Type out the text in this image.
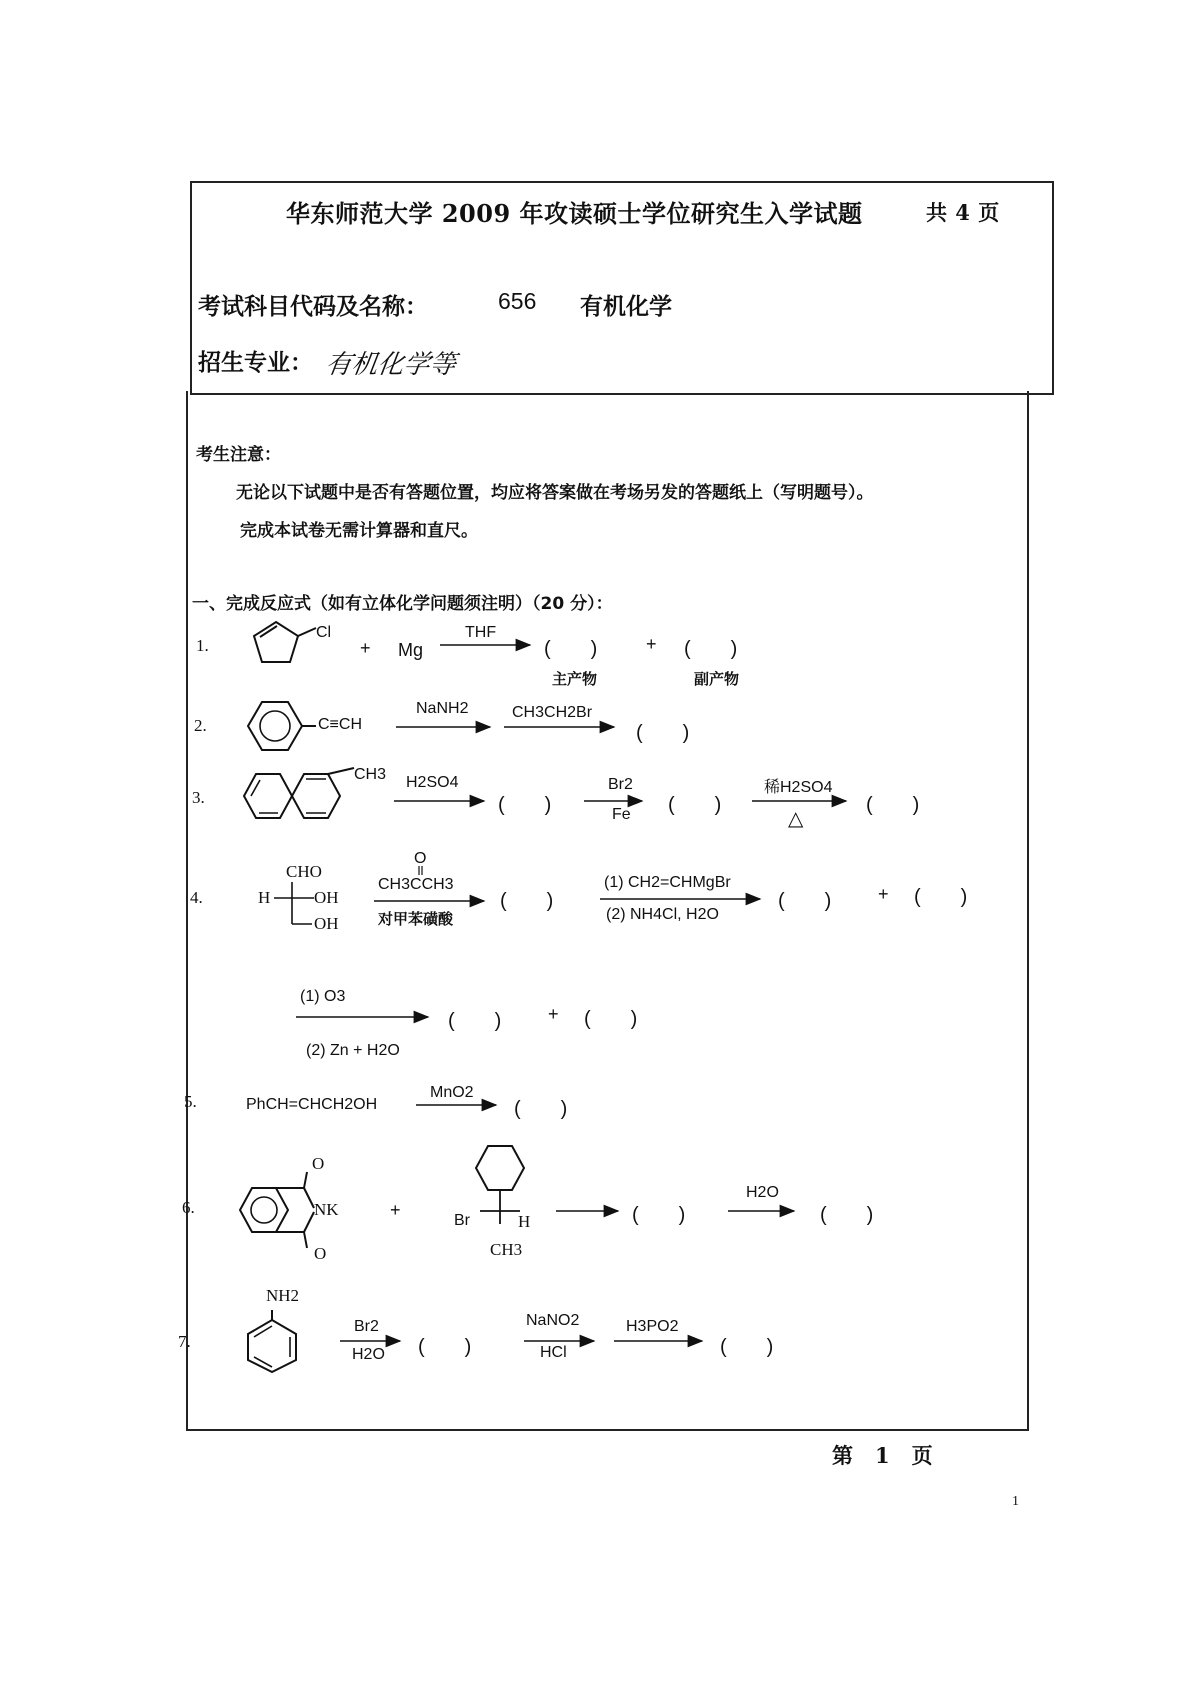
华东师范大学 2009 年攻读硕士学位研究生入学试题	共 4 页
考试科目代码及名称：	656 有机化学
招生专业： 有机化学等
考生注意：
无论以下试题中是否有答题位置，均应将答案做在考场另发的答题纸上（写明题号）。
完成本试卷无需计算器和直尺。
一、完成反应式（如有立体化学问题须注明）（20 分）：
1.
Cl
+ Mg
THF
(　　)	+ (　　)
主产物	副产物
2.	C≡CH
NaNH2	CH3CH2Br
(　　)
3.
CH3 H2SO4
(　　)
Br2
Fe (　　)
稀H2SO4
△
(　　)
4.
CHO
H	OH
OH
O
CH3CCH3
对甲苯磺酸
(　　)
(1) CH2=CHMgBr
(2) NH4Cl, H2O
(　　)	+ (　　)
(1) O3
(2) Zn + H2O
(　　)	+ (　　)
5.	PhCH=CHCH2OH
MnO2
(　　)
6.
O
NK
O
+
Br	H
CH3
(　　)
H2O
(　　)
7.
NH2
Br2
H2O (　　)
NaNO2
HCl
H3PO2
(　　)
第　1　页
1
